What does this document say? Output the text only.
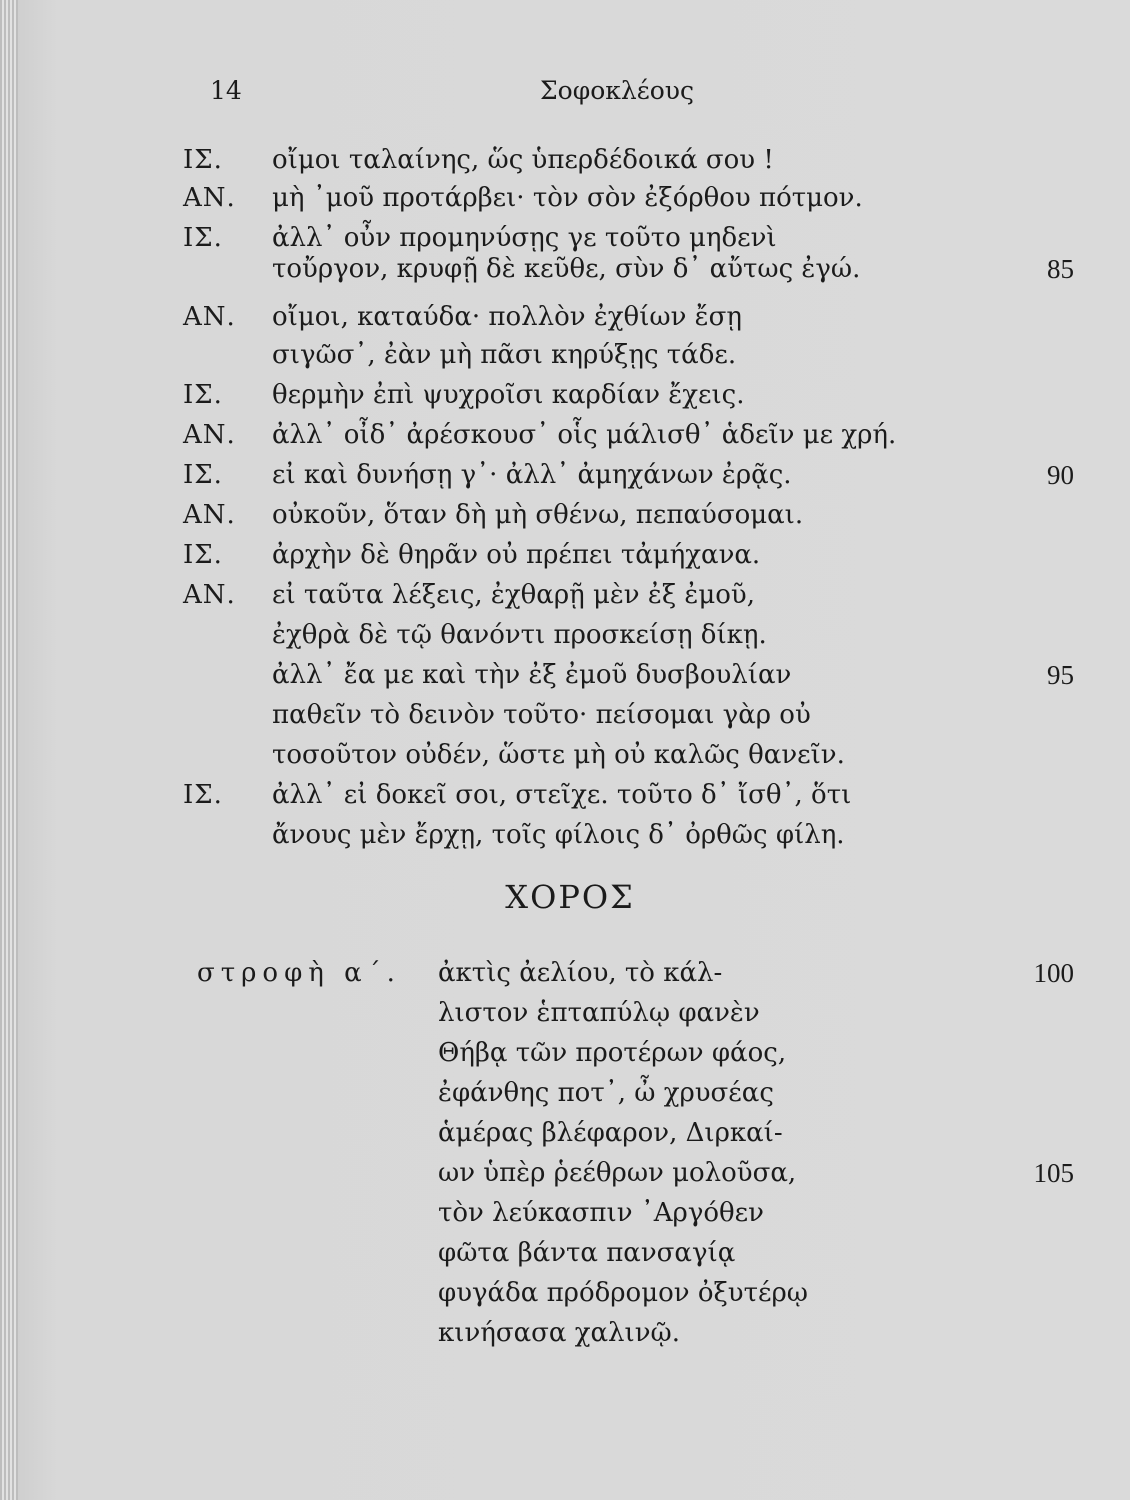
14	Σοφοκλέους
ΙΣ. οἴμοι ταλαίνης, ὥς ὑπερδέδοικά σου !
ΑΝ. μὴ ᾿μοῦ προτάρβει· τὸν σὸν ἐξόρθου πότμον.
ΙΣ. ἀλλ᾿ οὖν προμηνύσῃς γε τοῦτο μηδενὶ
τοὔργον, κρυφῇ δὲ κεῦθε, σὺν δ᾿ αὔτως ἐγώ.	85
ΑΝ. οἴμοι, καταύδα· πολλὸν ἐχθίων ἔσῃ
σιγῶσ᾿, ἐὰν μὴ πᾶσι κηρύξῃς τάδε.
ΙΣ. θερμὴν ἐπὶ ψυχροῖσι καρδίαν ἔχεις.
ΑΝ. ἀλλ᾿ οἶδ᾿ ἀρέσκουσ᾿ οἷς μάλισθ᾿ ἁδεῖν με χρή.
ΙΣ. εἰ καὶ δυνήσῃ γ᾿· ἀλλ᾿ ἀμηχάνων ἐρᾷς.	90
ΑΝ. οὐκοῦν, ὅταν δὴ μὴ σθένω, πεπαύσομαι.
ΙΣ. ἀρχὴν δὲ θηρᾶν οὐ πρέπει τἀμήχανα.
ΑΝ. εἰ ταῦτα λέξεις, ἐχθαρῇ μὲν ἐξ ἐμοῦ,
ἐχθρὰ δὲ τῷ θανόντι προσκείσῃ δίκῃ.
ἀλλ᾿ ἔα με καὶ τὴν ἐξ ἐμοῦ δυσβουλίαν	95
παθεῖν τὸ δεινὸν τοῦτο· πείσομαι γὰρ οὐ
τοσοῦτον οὐδέν, ὥστε μὴ οὐ καλῶς θανεῖν.
ΙΣ. ἀλλ᾿ εἰ δοκεῖ σοι, στεῖχε. τοῦτο δ᾿ ἴσθ᾿, ὅτι
ἄνους μὲν ἔρχῃ, τοῖς φίλοις δ᾿ ὀρθῶς φίλη.
ΧΟΡΟΣ
στροφὴ α΄. ἀκτὶς ἀελίου, τὸ κάλ-	100
λιστον ἑπταπύλῳ φανὲν
Θήβᾳ τῶν προτέρων φάος,
ἐφάνθης ποτ᾿, ὦ χρυσέας
ἁμέρας βλέφαρον, Διρκαί-
ων ὑπὲρ ῥεέθρων μολοῦσα,	105
τὸν λεύκασπιν ᾿Αργόθεν
φῶτα βάντα πανσαγίᾳ
φυγάδα πρόδρομον ὀξυτέρῳ
κινήσασα χαλινῷ.
